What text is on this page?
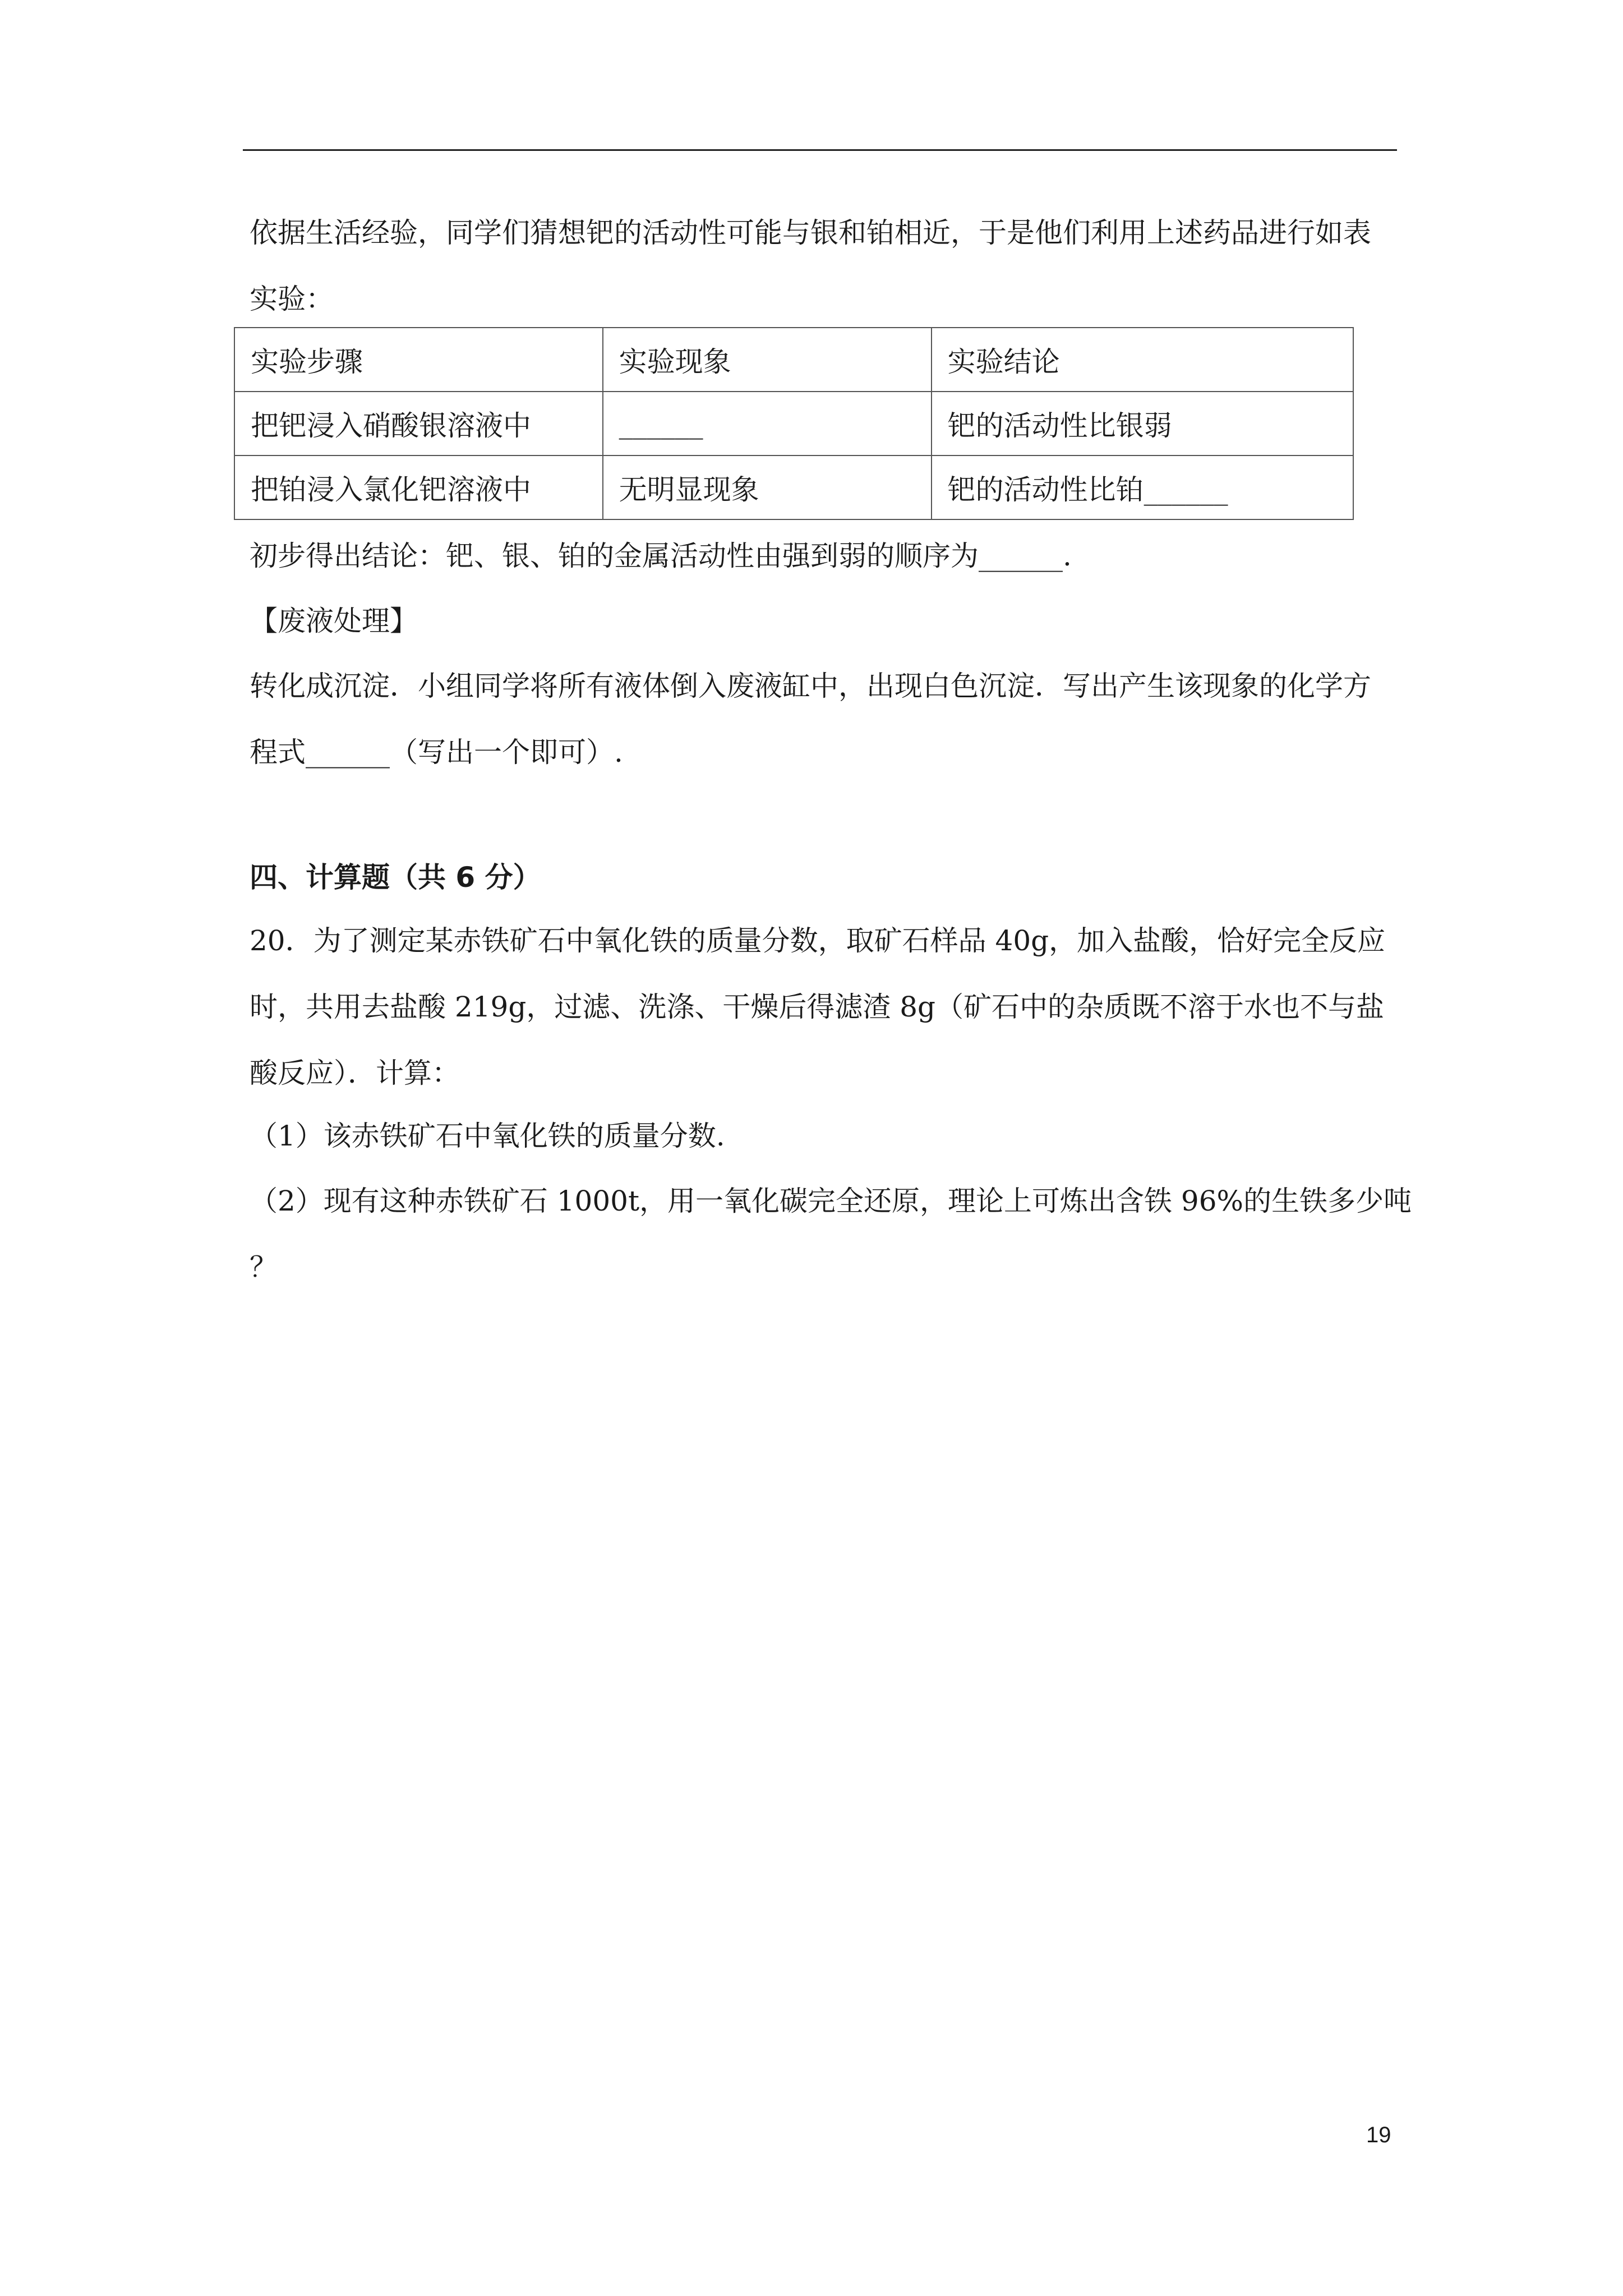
依据生活经验，同学们猜想钯的活动性可能与银和铂相近，于是他们利用上述药品进行如表
实验：
实验步骤	实验现象	实验结论
把钯浸入硝酸银溶液中	______	钯的活动性比银弱
把铂浸入氯化钯溶液中	无明显现象	钯的活动性比铂______
初步得出结论：钯、银、铂的金属活动性由强到弱的顺序为______.
【废液处理】
转化成沉淀．小组同学将所有液体倒入废液缸中，出现白色沉淀．写出产生该现象的化学方
程式______（写出一个即可）.
四、计算题（共 6 分）
20．为了测定某赤铁矿石中氧化铁的质量分数，取矿石样品 40g，加入盐酸，恰好完全反应
时，共用去盐酸 219g，过滤、洗涤、干燥后得滤渣 8g（矿石中的杂质既不溶于水也不与盐
酸反应）．计算：
（1）该赤铁矿石中氧化铁的质量分数.
（2）现有这种赤铁矿石 1000t，用一氧化碳完全还原，理论上可炼出含铁 96%的生铁多少吨
？
19
